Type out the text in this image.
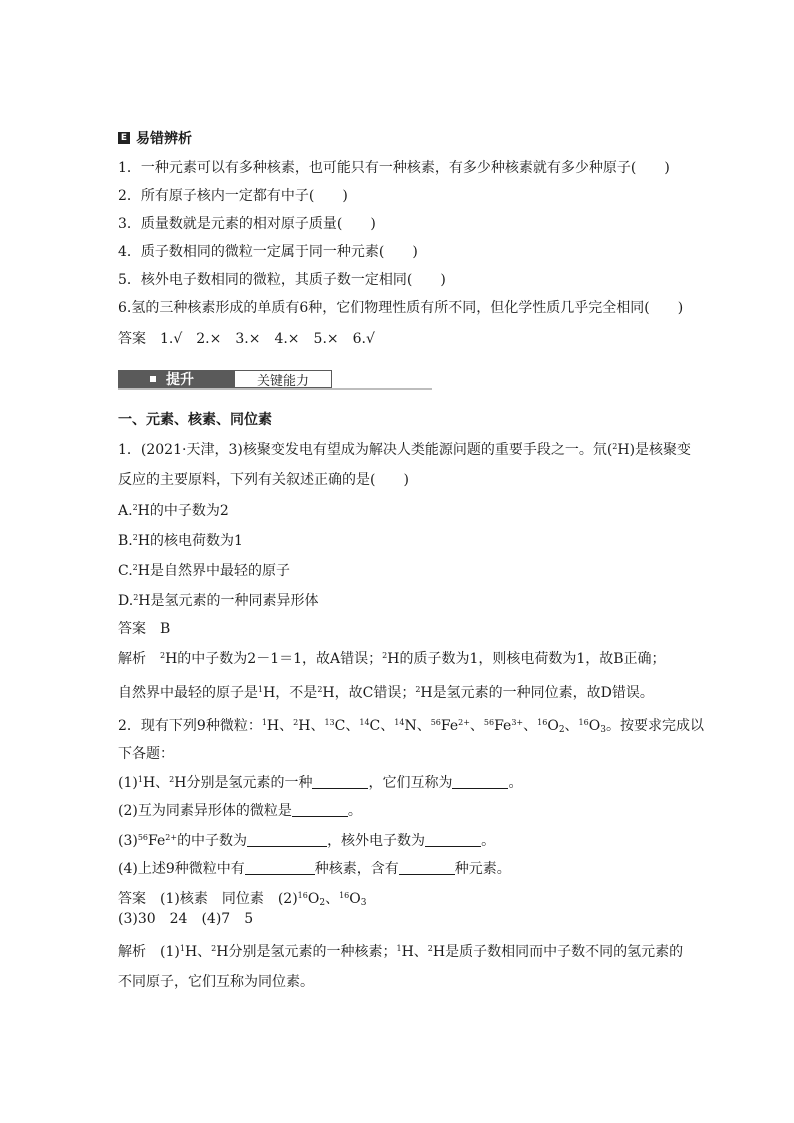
E 易错辨析
1．一种元素可以有多种核素，也可能只有一种核素，有多少种核素就有多少种原子(　　)
2．所有原子核内一定都有中子(　　)
3．质量数就是元素的相对原子质量(　　)
4．质子数相同的微粒一定属于同一种元素(　　)
5．核外电子数相同的微粒，其质子数一定相同(　　)
6.氢的三种核素形成的单质有6种，它们物理性质有所不同，但化学性质几乎完全相同(　　)
答案　1.√　2.×　3.×　4.×　5.×　6.√
提升	关键能力
一、元素、核素、同位素
1．(2021·天津，3)核聚变发电有望成为解决人类能源问题的重要手段之一。氘($^2$H)是核聚变
反应的主要原料，下列有关叙述正确的是(　　)
A.$^2$H的中子数为2
B.$^2$H的核电荷数为1
C.$^2$H是自然界中最轻的原子
D.$^2$H是氢元素的一种同素异形体
答案　B
解析　$^2$H的中子数为2－1＝1，故A错误；$^2$H的质子数为1，则核电荷数为1，故B正确；
自然界中最轻的原子是$^1$H，不是$^2$H，故C错误；$^2$H是氢元素的一种同位素，故D错误。
2．现有下列9种微粒：$^1$H、$^2$H、$^{13}$C、$^{14}$C、$^{14}$N、$^{56}Fe^{2+}$、$^{56}Fe^{3+}$、$^{16}O_2$、$^{16}O_3$。按要求完成以
下各题：
$(1)^1H$、$^2$H分别是氢元素的一种	，它们互称为	。
(2)互为同素异形体的微粒是	。
$(3)^{56}Fe^{2+}$的中子数为	，核外电子数为	。
(4)上述9种微粒中有	种核素，含有	种元素。
答案　(1)核素　同位素　$(2)^{16}O_2$、$^{16}O_3$
(3)30　24　(4)7　5
解析　$(1)^1H$、$^2$H分别是氢元素的一种核素；$^1$H、$^2$H是质子数相同而中子数不同的氢元素的
不同原子，它们互称为同位素。
